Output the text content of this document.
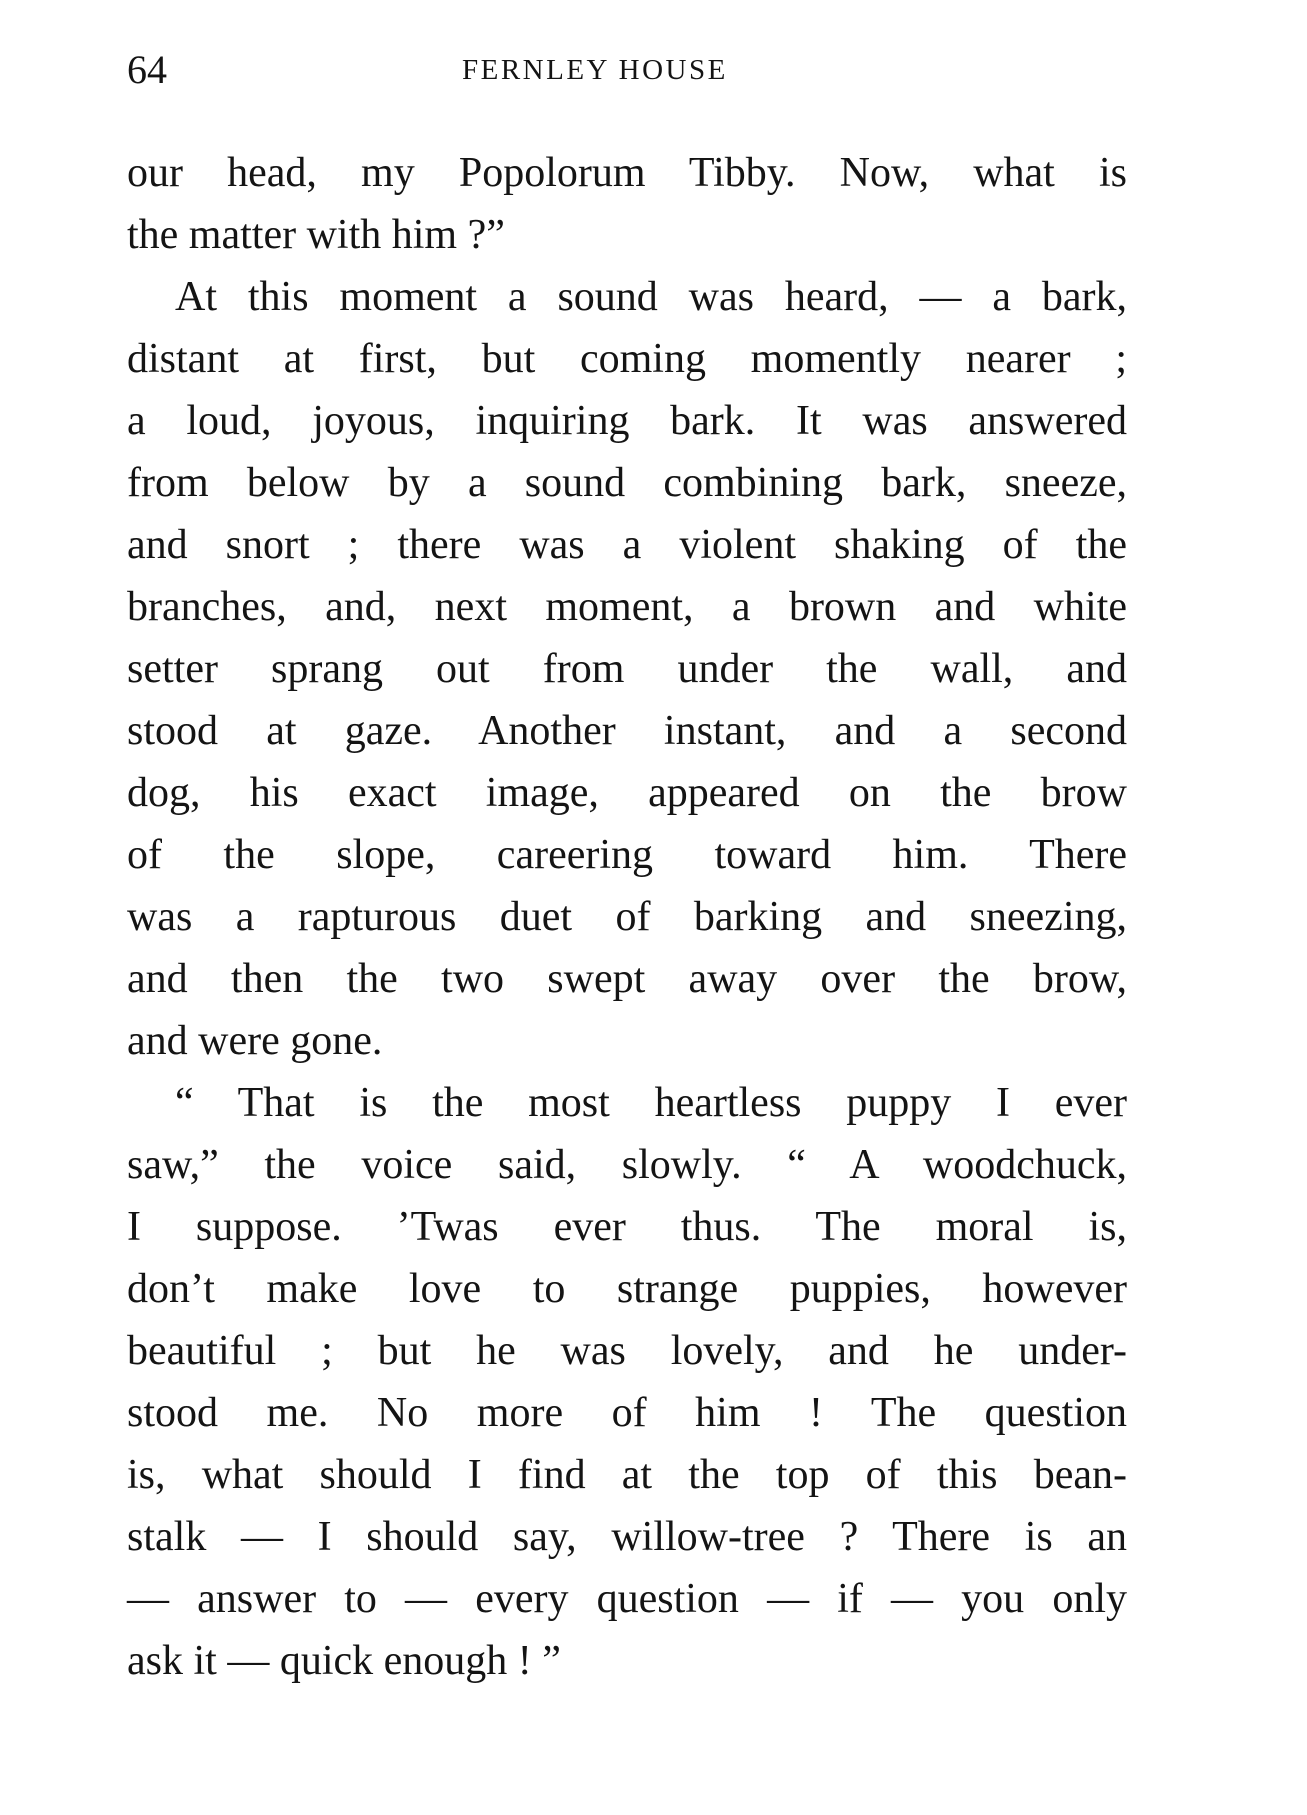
64	FERNLEY HOUSE

our head, my Popolorum Tibby. Now, what is
the matter with him ?”

At this moment a sound was heard, — a bark,
distant at first, but coming momently nearer ;
a loud, joyous, inquiring bark. It was answered
from below by a sound combining bark, sneeze,
and snort ; there was a violent shaking of the
branches, and, next moment, a brown and white
setter sprang out from under the wall, and
stood at gaze. Another instant, and a second
dog, his exact image, appeared on the brow
of the slope, careering toward him. There
was a rapturous duet of barking and sneezing,
and then the two swept away over the brow,
and were gone.

“ That is the most heartless puppy I ever
saw,” the voice said, slowly. “ A woodchuck,
I suppose. ’Twas ever thus. The moral is,
don’t make love to strange puppies, however
beautiful ; but he was lovely, and he under-
stood me. No more of him ! The question
is, what should I find at the top of this bean-
stalk — I should say, willow-tree ? There is an
— answer to — every question — if — you only
ask it — quick enough ! ”
